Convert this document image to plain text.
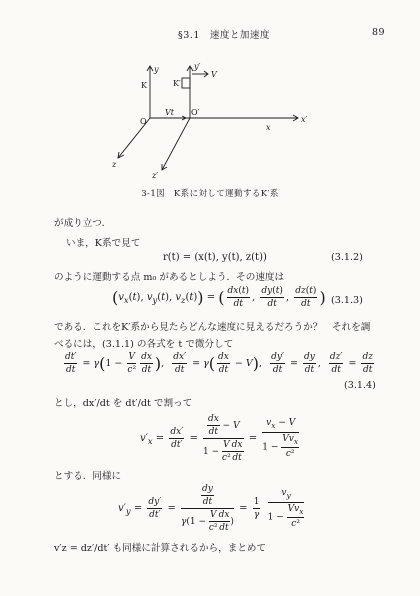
§3.1　速度と加速度	89
y	y′
V
K	K′
O
Vt O′
x
x′
z
z′
3-1図　K系に対して運動するK′系
が成り立つ．
いま，K系で見て
r(t) = (x(t), y(t), z(t))	(3.1.2)
のように運動する点 m₀ があるとしよう．その速度は
($v_x(t)$, $v_y(t)$, $v_z(t)$) = ( $\frac{dx(t)}{dt}$ , $\frac{dy(t)}{dt}$ , $\frac{dz(t)}{dt}$ ) (3.1.3)
である．これをK′系から見たらどんな速度に見えるだろうか？　それを調
べるには，(3.1.1) の各式を t で微分して
$\frac{dt'}{dt} = \gamma(1 - \frac{V}{\text{c²}} \frac{dx}{dt}$ ), $\frac{dx'}{dt} = \gamma( \frac{dx}{dt} - V)$, $\frac{dy'}{dt} = \frac{dy}{dt}$ , $\frac{dz'}{dt} = \frac{dz}{dt}$
(3.1.4)
とし，dx′/dt を dt′/dt で割って
$v'_x = \frac{dx'}{dt'} = \frac{\frac{dx}{dt} - V}{1 - \frac{V}{\text{c²}} \frac{dx}{dt}} = \frac{v_x - V}{1 - \frac{Vv_x}{\text{c²}}}$
とする．同様に
$v'_y = \frac{dy'}{dt'} = \frac{\frac{dy}{dt}}{\gamma(1 - \frac{V}{\text{c²}} \frac{dx}{dt} )} = \frac{1}{\gamma}$
$\frac{v_y}{1 - \frac{Vv_x}{\text{c²}}}$
v′z = dz′/dt′ も同様に計算されるから，まとめて
